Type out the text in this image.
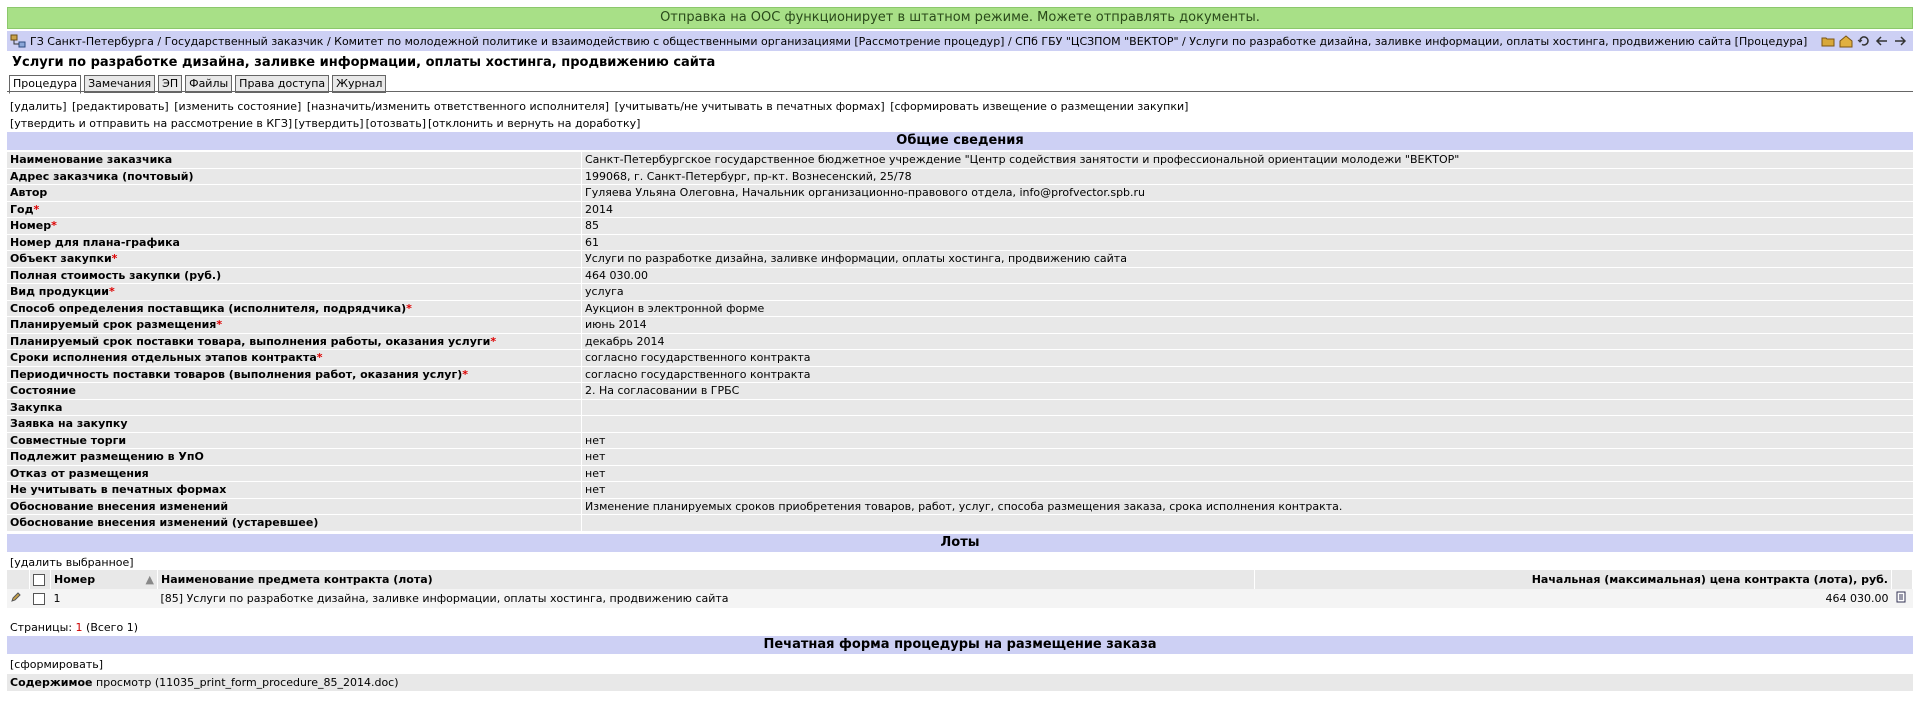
Отправка на ООС функционирует в штатном режиме. Можете отправлять документы.
ГЗ Санкт-Петербурга / Государственный заказчик / Комитет по молодежной политике и взаимодействию с общественными организациями [Рассмотрение процедур] / СПб ГБУ "ЦСЗПОМ "ВЕКТОР" / Услуги по разработке дизайна, заливке информации, оплаты хостинга, продвижению сайта [Процедура]
Услуги по разработке дизайна, заливке информации, оплаты хостинга, продвижению сайта
Процедура	Замечания	ЭП	Файлы	Права доступа	Журнал
[удалить] [редактировать] [изменить состояние] [назначить/изменить ответственного исполнителя] [учитывать/не учитывать в печатных формах] [сформировать извещение о размещении закупки]
[утвердить и отправить на рассмотрение в КГЗ] [утвердить] [отозвать] [отклонить и вернуть на доработку]
Общие сведения
Наименование заказчика	Санкт-Петербургское государственное бюджетное учреждение "Центр содействия занятости и профессиональной ориентации молодежи "ВЕКТОР"
Адрес заказчика (почтовый)	199068, г. Санкт-Петербург, пр-кт. Вознесенский, 25/78
Автор	Гуляева Ульяна Олеговна, Начальник организационно-правового отдела, info@profvector.spb.ru
Год*	2014
Номер*	85
Номер для плана-графика	61
Объект закупки*	Услуги по разработке дизайна, заливке информации, оплаты хостинга, продвижению сайта
Полная стоимость закупки (руб.)	464 030.00
Вид продукции*	услуга
Способ определения поставщика (исполнителя, подрядчика)*	Аукцион в электронной форме
Планируемый срок размещения*	июнь 2014
Планируемый срок поставки товара, выполнения работы, оказания услуги*	декабрь 2014
Сроки исполнения отдельных этапов контракта*	согласно государственного контракта
Периодичность поставки товаров (выполнения работ, оказания услуг)*	согласно государственного контракта
Состояние	2. На согласовании в ГРБС
Закупка	
Заявка на закупку	
Совместные торги	нет
Подлежит размещению в УпО	нет
Отказ от размещения	нет
Не учитывать в печатных формах	нет
Обоснование внесения изменений	Изменение планируемых сроков приобретения товаров, работ, услуг, способа размещения заказа, срока исполнения контракта.
Обоснование внесения изменений (устаревшее)	
Лоты
[удалить выбранное]
		Номер ▲	Наименование предмета контракта (лота)	Начальная (максимальная) цена контракта (лота), руб.	
		1	[85] Услуги по разработке дизайна, заливке информации, оплаты хостинга, продвижению сайта	464 030.00	
Страницы: 1 (Всего 1)
Печатная форма процедуры на размещение заказа
[сформировать]
Содержимое просмотр (11035_print_form_procedure_85_2014.doc)
